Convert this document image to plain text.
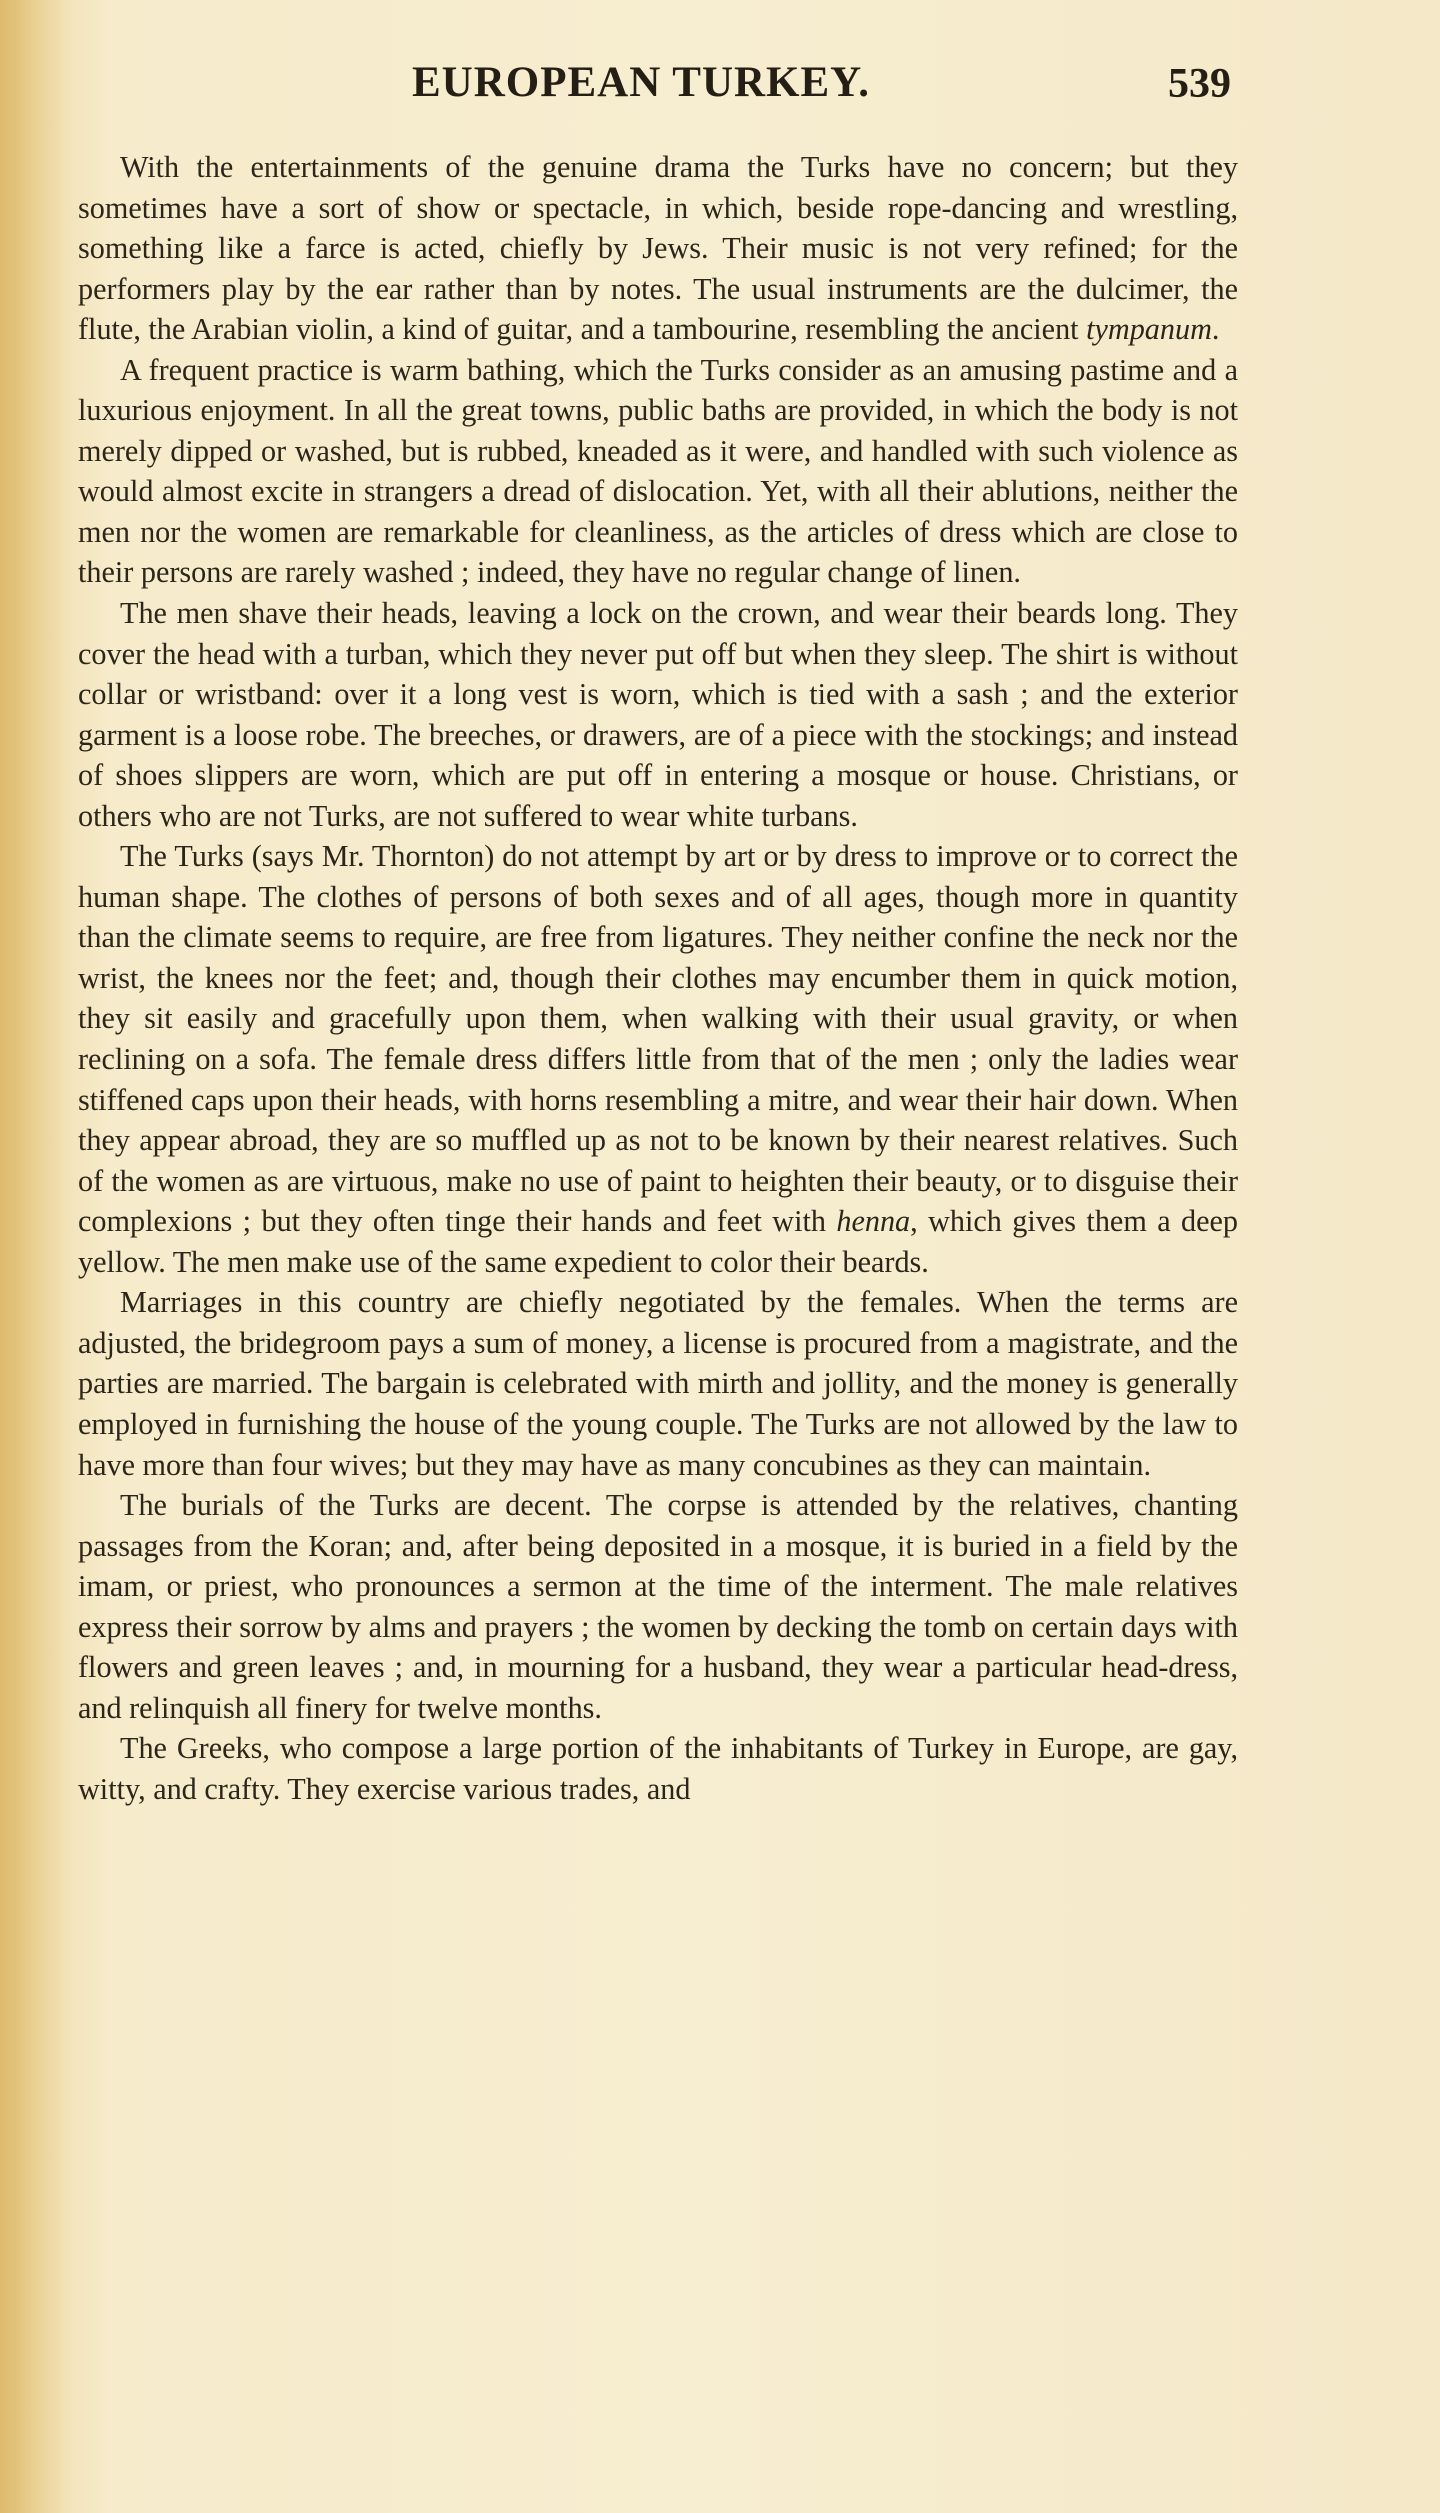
EUROPEAN TURKEY.	539

With the entertainments of the genuine drama the Turks have no concern; but they sometimes have a sort of show or spectacle, in which, beside rope-dancing and wrestling, something like a farce is acted, chiefly by Jews. Their music is not very refined; for the performers play by the ear rather than by notes. The usual instruments are the dulcimer, the flute, the Arabian violin, a kind of guitar, and a tambourine, resembling the ancient tympanum.

A frequent practice is warm bathing, which the Turks consider as an amusing pastime and a luxurious enjoyment. In all the great towns, public baths are provided, in which the body is not merely dipped or washed, but is rubbed, kneaded as it were, and handled with such violence as would almost excite in strangers a dread of dislocation. Yet, with all their ablutions, neither the men nor the women are remarkable for cleanliness, as the articles of dress which are close to their persons are rarely washed ; indeed, they have no regular change of linen.

The men shave their heads, leaving a lock on the crown, and wear their beards long. They cover the head with a turban, which they never put off but when they sleep. The shirt is without collar or wristband: over it a long vest is worn, which is tied with a sash ; and the exterior garment is a loose robe. The breeches, or drawers, are of a piece with the stockings; and instead of shoes slippers are worn, which are put off in entering a mosque or house. Christians, or others who are not Turks, are not suffered to wear white turbans.

The Turks (says Mr. Thornton) do not attempt by art or by dress to improve or to correct the human shape. The clothes of persons of both sexes and of all ages, though more in quantity than the climate seems to require, are free from ligatures. They neither confine the neck nor the wrist, the knees nor the feet; and, though their clothes may encumber them in quick motion, they sit easily and gracefully upon them, when walking with their usual gravity, or when reclining on a sofa. The female dress differs little from that of the men ; only the ladies wear stiffened caps upon their heads, with horns resembling a mitre, and wear their hair down. When they appear abroad, they are so muffled up as not to be known by their nearest relatives. Such of the women as are virtuous, make no use of paint to heighten their beauty, or to disguise their complexions ; but they often tinge their hands and feet with henna, which gives them a deep yellow. The men make use of the same expedient to color their beards.

Marriages in this country are chiefly negotiated by the females. When the terms are adjusted, the bridegroom pays a sum of money, a license is procured from a magistrate, and the parties are married. The bargain is celebrated with mirth and jollity, and the money is generally employed in furnishing the house of the young couple. The Turks are not allowed by the law to have more than four wives; but they may have as many concubines as they can maintain.

The burials of the Turks are decent. The corpse is attended by the relatives, chanting passages from the Koran; and, after being deposited in a mosque, it is buried in a field by the imam, or priest, who pronounces a sermon at the time of the interment. The male relatives express their sorrow by alms and prayers ; the women by decking the tomb on certain days with flowers and green leaves ; and, in mourning for a husband, they wear a particular head-dress, and relinquish all finery for twelve months.

The Greeks, who compose a large portion of the inhabitants of Turkey in Europe, are gay, witty, and crafty. They exercise various trades, and
